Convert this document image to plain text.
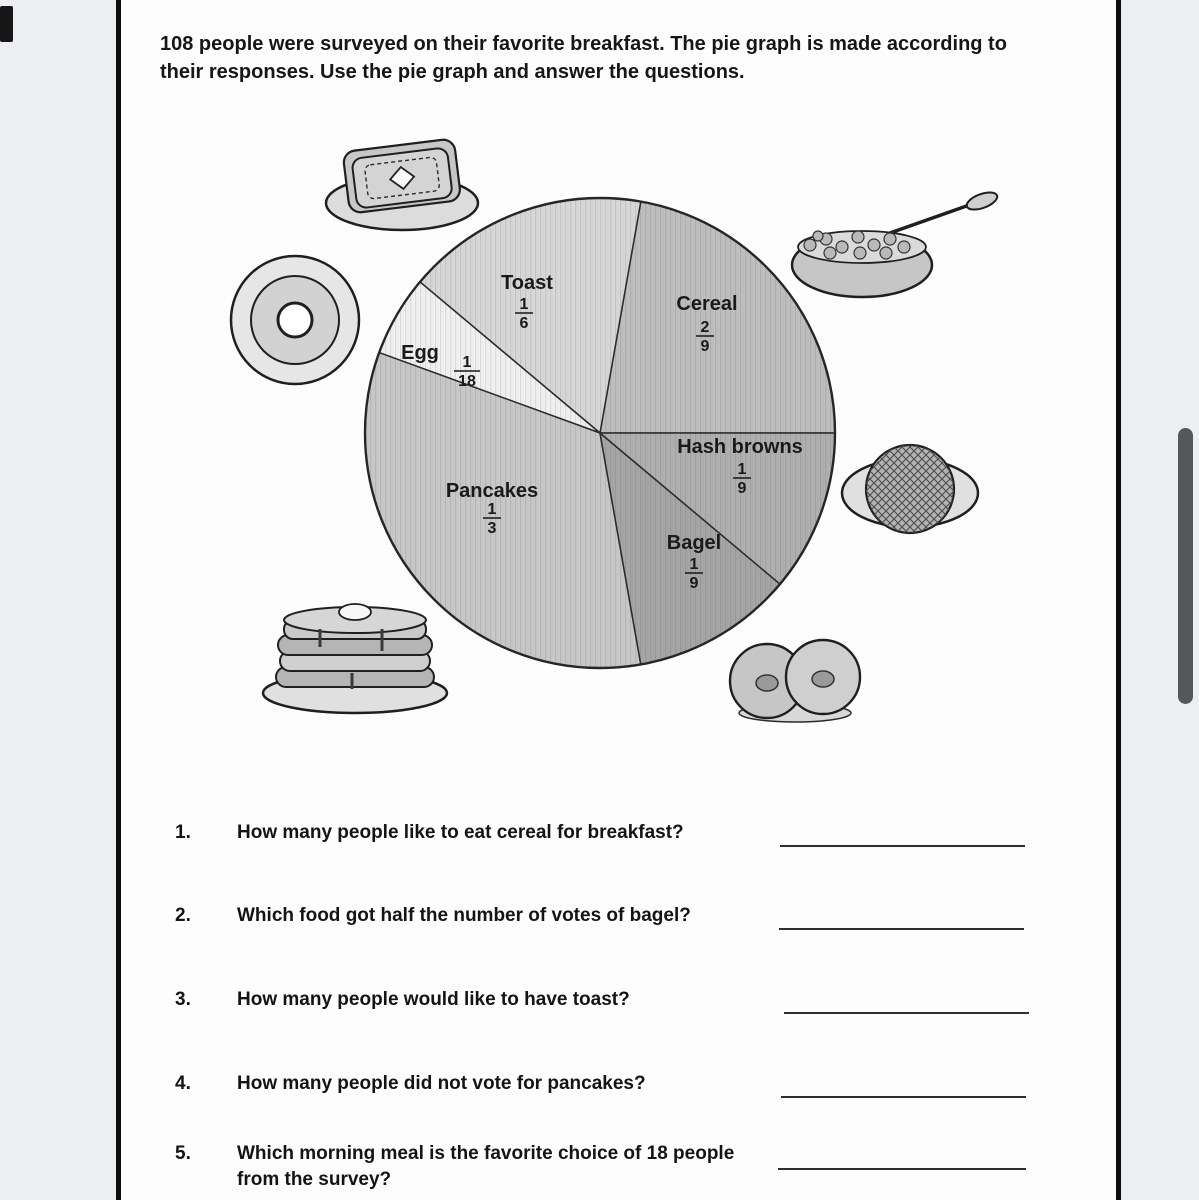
108 people were surveyed on their favorite breakfast. The pie graph is made according to their responses. Use the pie graph and answer the questions.
Cereal
2
9
Toast
1
6
Egg 1
18
Pancakes
1
3
Bagel
1
9
Hash browns
1
9
1. How many people like to eat cereal for breakfast?
2. Which food got half the number of votes of bagel?
3. How many people would like to have toast?
4. How many people did not vote for pancakes?
5. Which morning meal is the favorite choice of 18 people from the survey?
